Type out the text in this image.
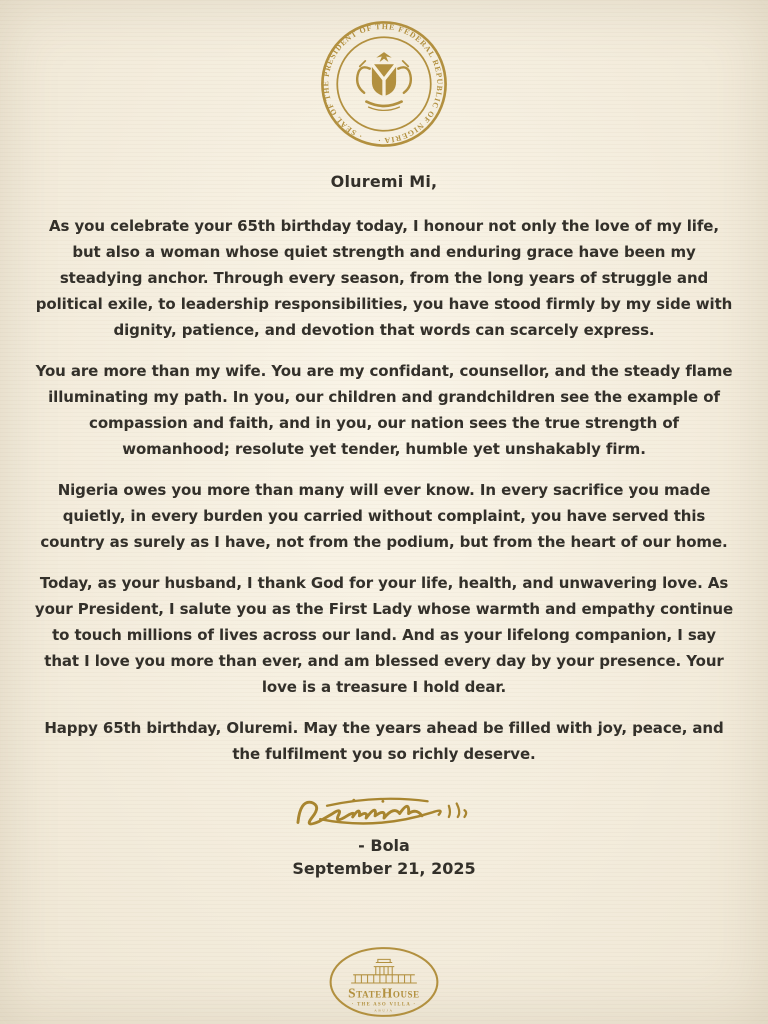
· SEAL OF THE PRESIDENT OF THE FEDERAL REPUBLIC OF NIGERIA ·

Oluremi Mi,

As you celebrate your 65th birthday today, I honour not only the love of my life, but also a woman whose quiet strength and enduring grace have been my steadying anchor. Through every season, from the long years of struggle and political exile, to leadership responsibilities, you have stood firmly by my side with dignity, patience, and devotion that words can scarcely express.

You are more than my wife. You are my confidant, counsellor, and the steady flame illuminating my path. In you, our children and grandchildren see the example of compassion and faith, and in you, our nation sees the true strength of womanhood; resolute yet tender, humble yet unshakably firm.

Nigeria owes you more than many will ever know. In every sacrifice you made quietly, in every burden you carried without complaint, you have served this country as surely as I have, not from the podium, but from the heart of our home.

Today, as your husband, I thank God for your life, health, and unwavering love. As your President, I salute you as the First Lady whose warmth and empathy continue to touch millions of lives across our land. And as your lifelong companion, I say that I love you more than ever, and am blessed every day by your presence. Your love is a treasure I hold dear.

Happy 65th birthday, Oluremi. May the years ahead be filled with joy, peace, and the fulfilment you so richly deserve.

- Bola

September 21, 2025

StateHouse
· THE ASO VILLA ·
ABUJA
